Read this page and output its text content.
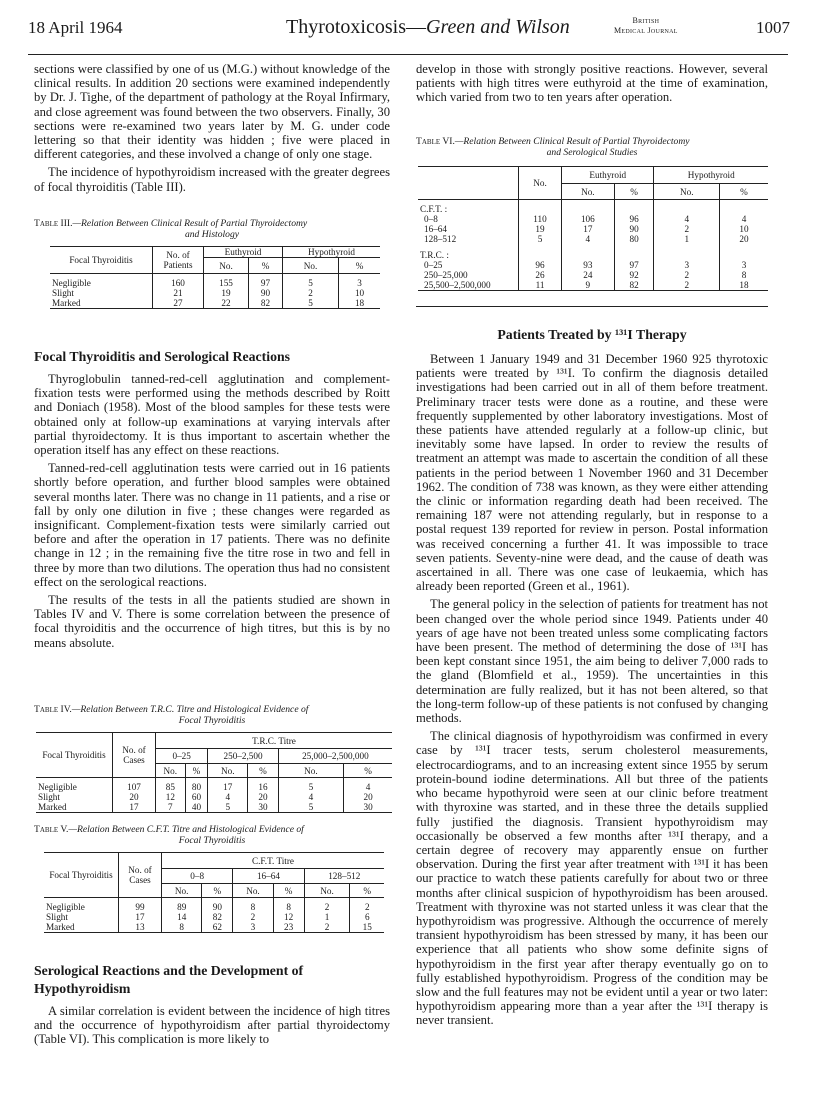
18 April 1964	Thyrotoxicosis—Green and Wilson	British
Medical Journal	1007

sections were classified by one of us (M.G.) without knowledge of the clinical results. In addition 20 sections were examined independently by Dr. J. Tighe, of the department of pathology at the Royal Infirmary, and close agreement was found between the two observers. Finally, 30 sections were re-examined two years later by M. G. under code lettering so that their identity was hidden ; five were placed in different categories, and these involved a change of only one stage.

The incidence of hypothyroidism increased with the greater degrees of focal thyroiditis (Table III).

Table III.—Relation Between Clinical Result of Partial Thyroidectomy
and Histology
Focal Thyroiditis	No. of Patients	Euthyroid		Hypothyroid	
		No.	%	No.	%

Negligible	160	155	97	5	3
Slight	21	19	90	2	10
Marked	27	22	82	5	18
Focal Thyroiditis and Serological Reactions

Thyroglobulin tanned-red-cell agglutination and complement-fixation tests were performed using the methods described by Roitt and Doniach (1958). Most of the blood samples for these tests were obtained only at follow-up examinations at varying intervals after partial thyroidectomy. It is thus important to ascertain whether the operation itself has any effect on these reactions.

Tanned-red-cell agglutination tests were carried out in 16 patients shortly before operation, and further blood samples were obtained several months later. There was no change in 11 patients, and a rise or fall by only one dilution in five ; these changes were regarded as insignificant. Complement-fixation tests were similarly carried out before and after the operation in 17 patients. There was no definite change in 12 ; in the remaining five the titre rose in two and fell in three by more than two dilutions. The operation thus had no consistent effect on the serological reactions.

The results of the tests in all the patients studied are shown in Tables IV and V. There is some correlation between the presence of focal thyroiditis and the occurrence of high titres, but this is by no means absolute.

Table IV.—Relation Between T.R.C. Titre and Histological Evidence of
Focal Thyroiditis
Focal Thyroiditis	No. of Cases	T.R.C. Titre					
		0–25		250–2,500		25,000–2,500,000	
		No.	%	No.	%	No.	%

Negligible	107	85	80	17	16	5	4
Slight	20	12	60	4	20	4	20
Marked	17	7	40	5	30	5	30
Table V.—Relation Between C.F.T. Titre and Histological Evidence of
Focal Thyroiditis
Focal Thyroiditis	No. of Cases	C.F.T. Titre					
		0–8		16–64		128–512	
		No.	%	No.	%	No.	%

Negligible	99	89	90	8	8	2	2
Slight	17	14	82	2	12	1	6
Marked	13	8	62	3	23	2	15
Serological Reactions and the Development of Hypothyroidism

A similar correlation is evident between the incidence of high titres and the occurrence of hypothyroidism after partial thyroidectomy (Table VI). This complication is more likely to

develop in those with strongly positive reactions. However, several patients with high titres were euthyroid at the time of examination, which varied from two to ten years after operation.

Table VI.—Relation Between Clinical Result of Partial Thyroidectomy
and Serological Studies
	No.	Euthyroid		Hypothyroid	
		No.	%	No.	%
C.F.T. :					
0–8	110	106	96	4	4
16–64	19	17	90	2	10
128–512	5	4	80	1	20
T.R.C. :					
0–25	96	93	97	3	3
250–25,000	26	24	92	2	8
25,500–2,500,000	11	9	82	2	18
Patients Treated by ¹³¹I Therapy

Between 1 January 1949 and 31 December 1960 925 thyrotoxic patients were treated by ¹³¹I. To confirm the diagnosis detailed investigations had been carried out in all of them before treatment. Preliminary tracer tests were done as a routine, and these were frequently supplemented by other laboratory investigations. Most of these patients have attended regularly at a follow-up clinic, but inevitably some have lapsed. In order to review the results of treatment an attempt was made to ascertain the condition of all these patients in the period between 1 November 1960 and 31 December 1962. The condition of 738 was known, as they were either attending the clinic or information regarding death had been received. The remaining 187 were not attending regularly, but in response to a postal request 139 reported for review in person. Postal information was received concerning a further 41. It was impossible to trace seven patients. Seventy-nine were dead, and the cause of death was ascertained in all. There was one case of leukaemia, which has already been reported (Green et al., 1961).

The general policy in the selection of patients for treatment has not been changed over the whole period since 1949. Patients under 40 years of age have not been treated unless some complicating factors have been present. The method of determining the dose of ¹³¹I has been kept constant since 1951, the aim being to deliver 7,000 rads to the gland (Blomfield et al., 1959). The uncertainties in this determination are fully realized, but it has not been altered, so that the long-term follow-up of these patients is not confused by changing methods.

The clinical diagnosis of hypothyroidism was confirmed in every case by ¹³¹I tracer tests, serum cholesterol measurements, electrocardiograms, and to an increasing extent since 1955 by serum protein-bound iodine determinations. All but three of the patients who became hypothyroid were seen at our clinic before treatment with thyroxine was started, and in these three the details supplied fully justified the diagnosis. Transient hypothyroidism may occasionally be observed a few months after ¹³¹I therapy, and a certain degree of recovery may apparently ensue on further observation. During the first year after treatment with ¹³¹I it has been our practice to watch these patients carefully for about two or three months after clinical suspicion of hypothyroidism has been aroused. Treatment with thyroxine was not started unless it was clear that the hypothyroidism was progressive. Although the occurrence of merely transient hypothyroidism has been stressed by many, it has been our experience that all patients who show some definite signs of hypothyroidism in the first year after therapy eventually go on to fully established hypothyroidism. Progress of the condition may be slow and the full features may not be evident until a year or two later: hypothyroidism appearing more than a year after the ¹³¹I therapy is never transient.
